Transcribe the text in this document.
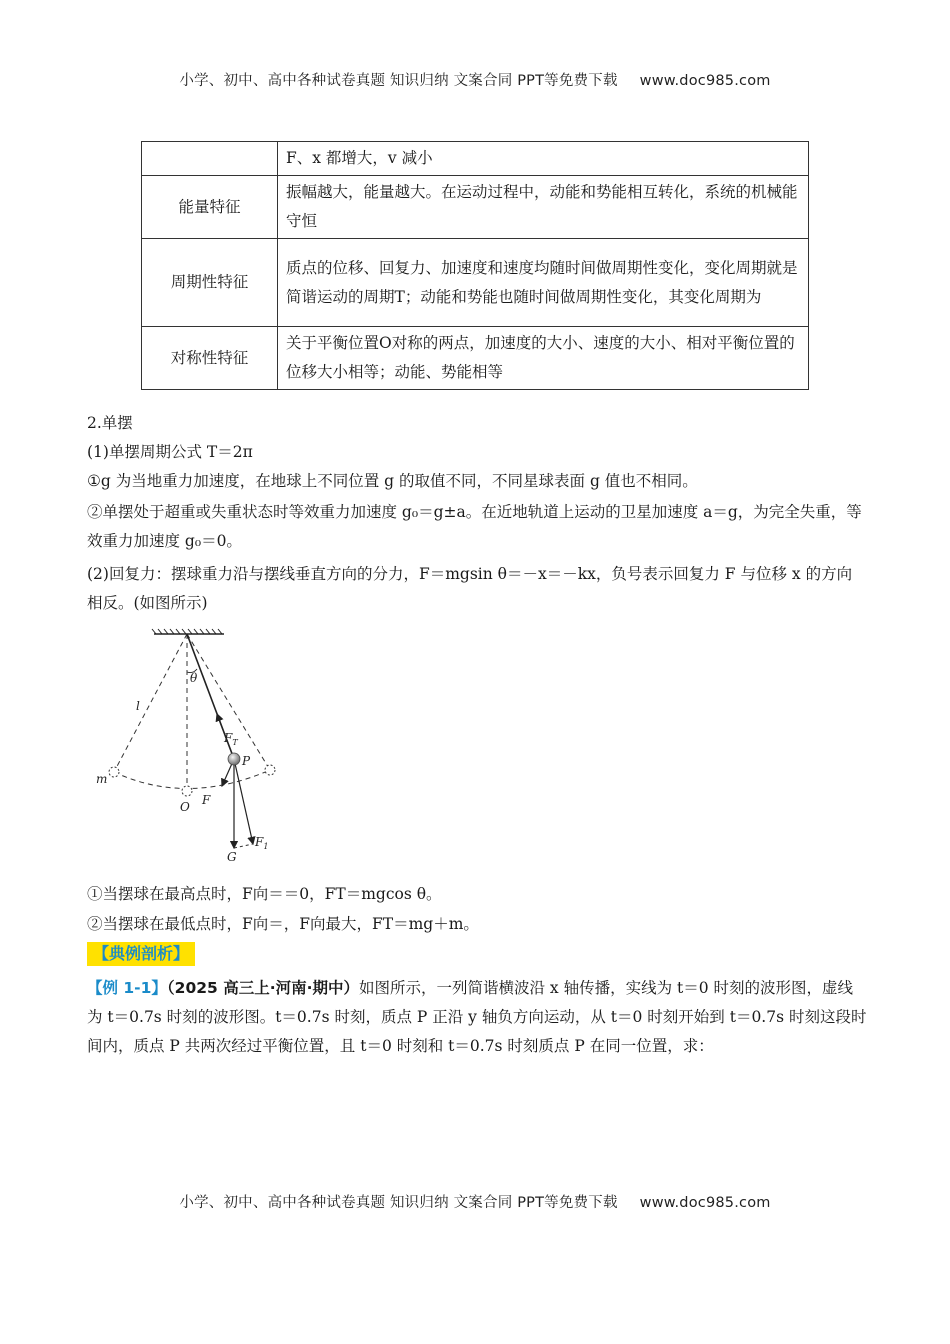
小学、初中、高中各种试卷真题 知识归纳 文案合同 PPT等免费下载 www.doc985.com
	F、x 都增大，v 减小
能量特征	振幅越大，能量越大。在运动过程中，动能和势能相互转化，系统的机械能守恒
周期性特征	质点的位移、回复力、加速度和速度均随时间做周期性变化，变化周期就是简谐运动的周期T；动能和势能也随时间做周期性变化，其变化周期为
对称性特征	关于平衡位置O对称的两点，加速度的大小、速度的大小、相对平衡位置的位移大小相等；动能、势能相等

2.单摆

(1)单摆周期公式 T＝2π

①g 为当地重力加速度，在地球上不同位置 g 的取值不同，不同星球表面 g 值也不相同。

②单摆处于超重或失重状态时等效重力加速度 g₀＝g±a。在近地轨道上运动的卫星加速度 a＝g，为完全失重，等效重力加速度 g₀＝0。

(2)回复力：摆球重力沿与摆线垂直方向的分力，F＝mgsin θ＝－x＝－kx，负号表示回复力 F 与位移 x 的方向相反。(如图所示)

θ
l
$F_T$
m
O F
P
$F_1$
G

①当摆球在最高点时，F向＝＝0，FT＝mgcos θ。

②当摆球在最低点时，F向＝，F向最大，FT＝mg＋m。

【典例剖析】

【例 1-1】（2025 高三上·河南·期中）如图所示，一列简谐横波沿 x 轴传播，实线为 t＝0 时刻的波形图，虚线为 t＝0.7s 时刻的波形图。t＝0.7s 时刻，质点 P 正沿 y 轴负方向运动，从 t＝0 时刻开始到 t＝0.7s 时刻这段时间内，质点 P 共两次经过平衡位置，且 t＝0 时刻和 t＝0.7s 时刻质点 P 在同一位置，求：

小学、初中、高中各种试卷真题 知识归纳 文案合同 PPT等免费下载 www.doc985.com
